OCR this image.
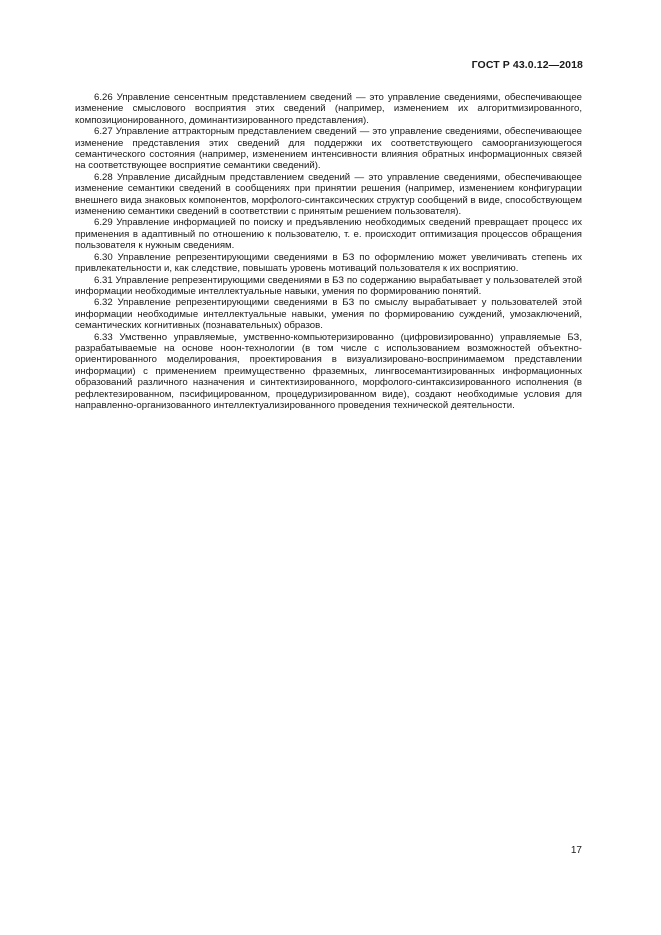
ГОСТ Р 43.0.12—2018

6.26 Управление сенсентным представлением сведений — это управление сведениями, обеспечивающее изменение смыслового восприятия этих сведений (например, изменением их алгоритмизированного, композиционированного, доминантизированного представления).

6.27 Управление аттракторным представлением сведений — это управление сведениями, обеспечивающее изменение представления этих сведений для поддержки их соответствующего самоорганизующегося семантического состояния (например, изменением интенсивности влияния обратных информационных связей на соответствующее восприятие семантики сведений).

6.28 Управление дисайдным представлением сведений — это управление сведениями, обеспечивающее изменение семантики сведений в сообщениях при принятии решения (например, изменением конфигурации внешнего вида знаковых компонентов, морфолого-синтаксических структур сообщений в виде, способствующем изменению семантики сведений в соответствии с принятым решением пользователя).

6.29 Управление информацией по поиску и предъявлению необходимых сведений превращает процесс их применения в адаптивный по отношению к пользователю, т. е. происходит оптимизация процессов обращения пользователя к нужным сведениям.

6.30 Управление репрезентирующими сведениями в БЗ по оформлению может увеличивать степень их привлекательности и, как следствие, повышать уровень мотиваций пользователя к их восприятию.

6.31 Управление репрезентирующими сведениями в БЗ по содержанию вырабатывает у пользователей этой информации необходимые интеллектуальные навыки, умения по формированию понятий.

6.32 Управление репрезентирующими сведениями в БЗ по смыслу вырабатывает у пользователей этой информации необходимые интеллектуальные навыки, умения по формированию суждений, умозаключений, семантических когнитивных (познавательных) образов.

6.33 Умственно управляемые, умственно-компьютеризированно (цифровизированно) управляемые БЗ, разрабатываемые на основе ноон-технологии (в том числе с использованием возможностей объектно-ориентированного моделирования, проектирования в визуализировано-воспринимаемом представлении информации) с применением преимущественно фраземных, лингвосемантизированных информационных образований различного назначения и синтектизированного, морфолого-синтаксизированного исполнения (в рефлектезированном, пэсифицированном, процедуризированном виде), создают необходимые условия для направленно-организованного интеллектуализированного проведения технической деятельности.

17
